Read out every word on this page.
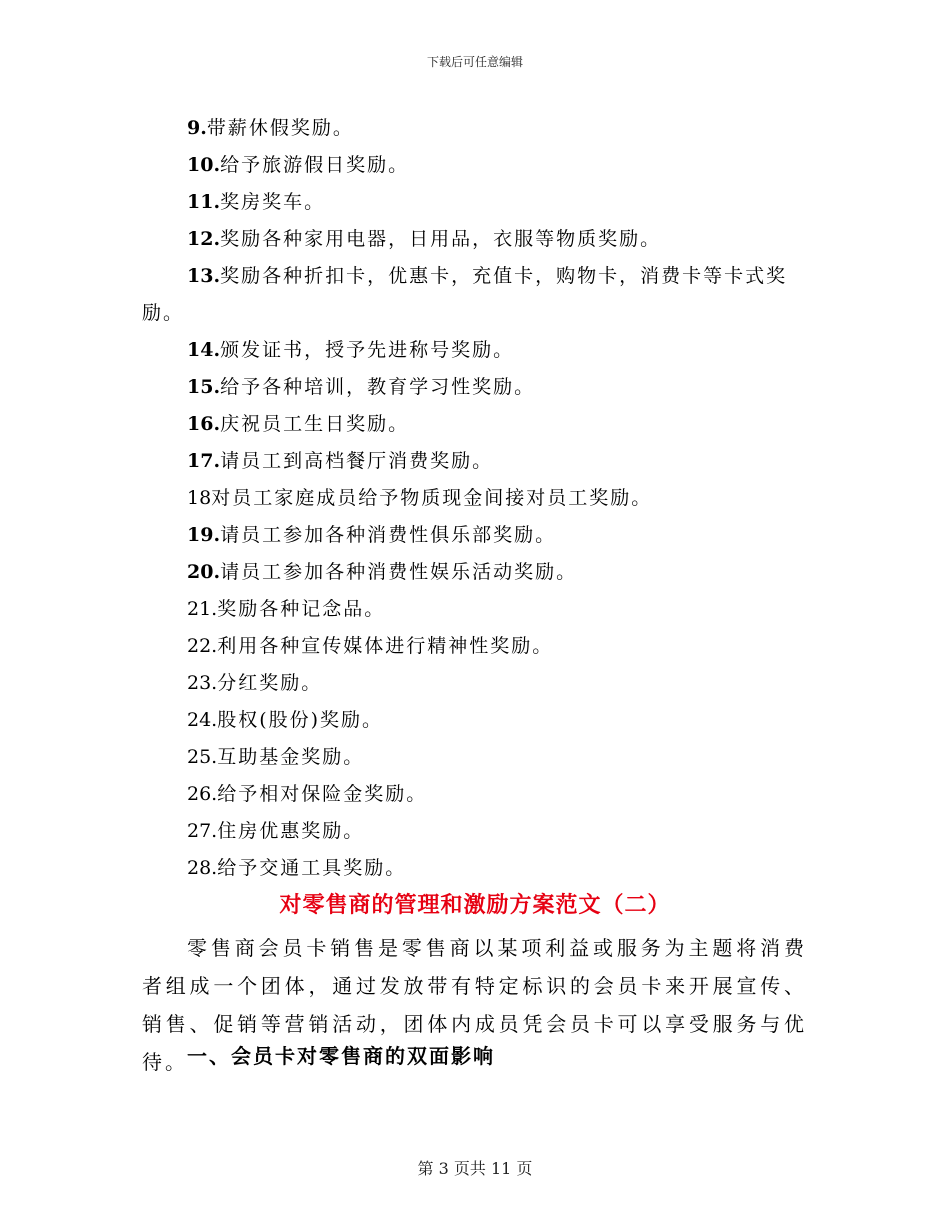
下载后可任意编辑
9.带薪休假奖励。
10.给予旅游假日奖励。
11.奖房奖车。
12.奖励各种家用电器，日用品，衣服等物质奖励。
13.奖励各种折扣卡，优惠卡，充值卡，购物卡，消费卡等卡式奖励。
14.颁发证书，授予先进称号奖励。
15.给予各种培训，教育学习性奖励。
16.庆祝员工生日奖励。
17.请员工到高档餐厅消费奖励。
18对员工家庭成员给予物质现金间接对员工奖励。
19.请员工参加各种消费性俱乐部奖励。
20.请员工参加各种消费性娱乐活动奖励。
21.奖励各种记念品。
22.利用各种宣传媒体进行精神性奖励。
23.分红奖励。
24.股权(股份)奖励。
25.互助基金奖励。
26.给予相对保险金奖励。
27.住房优惠奖励。
28.给予交通工具奖励。
对零售商的管理和激励方案范文（二）
零售商会员卡销售是零售商以某项利益或服务为主题将消费者组成一个团体，通过发放带有特定标识的会员卡来开展宣传、销售、促销等营销活动，团体内成员凭会员卡可以享受服务与优待。 一、会员卡对零售商的双面影响
第 3 页共 11 页
